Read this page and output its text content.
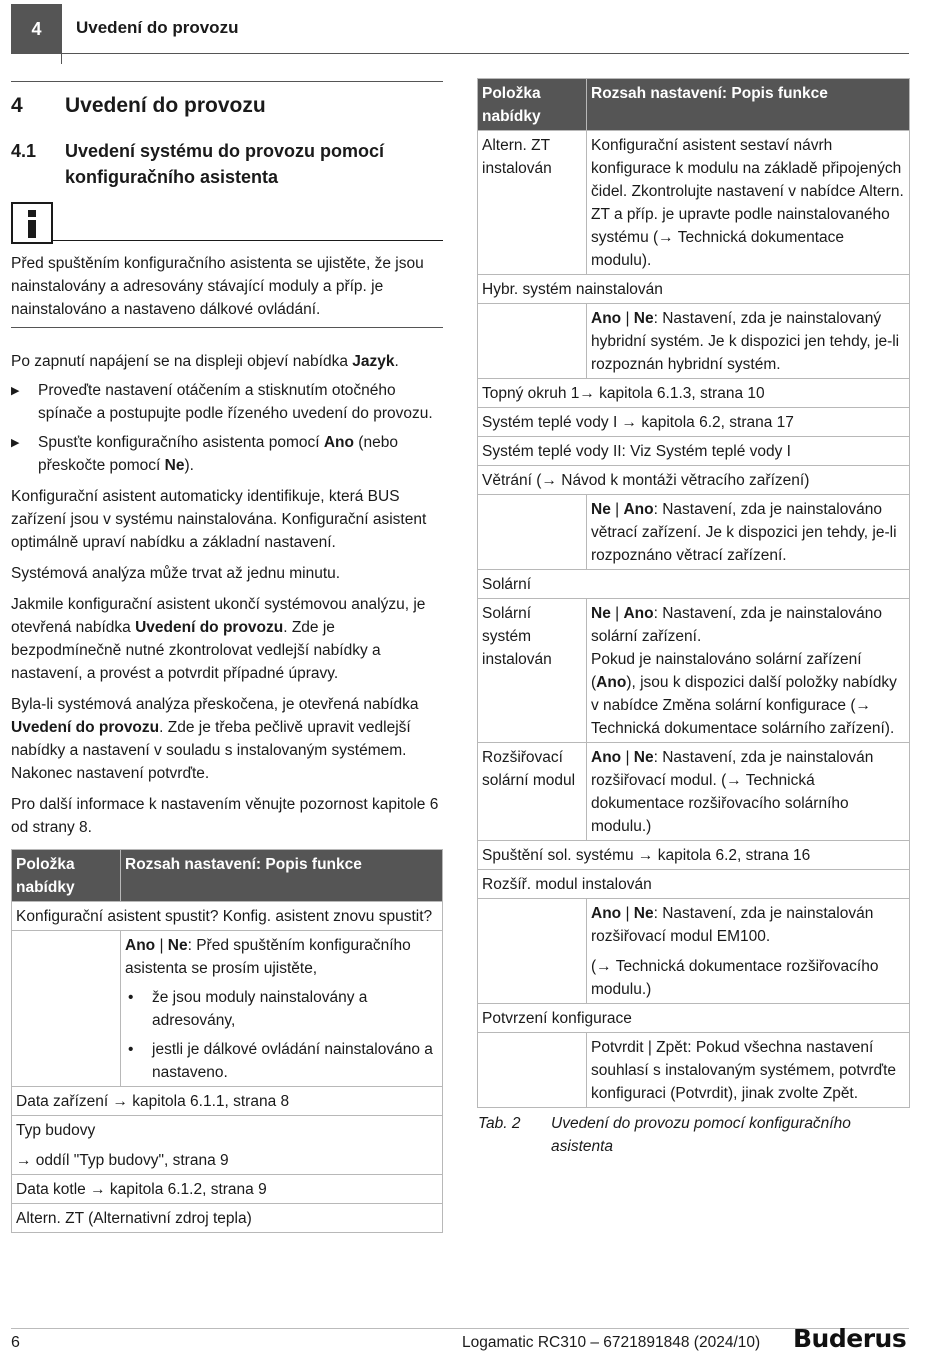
4 Uvedení do provozu
4	Uvedení do provozu
4.1	Uvedení systému do provozu pomocí konfiguračního asistenta
Před spuštěním konfiguračního asistenta se ujistěte, že jsou nainstalovány a adresovány stávající moduly a příp. je nainstalováno a nastaveno dálkové ovládání.
Po zapnutí napájení se na displeji objeví nabídka Jazyk.
▶	Proveďte nastavení otáčením a stisknutím otočného spínače a postupujte podle řízeného uvedení do provozu.
▶	Spusťte konfiguračního asistenta pomocí Ano (nebo přeskočte pomocí Ne).
Konfigurační asistent automaticky identifikuje, která BUS zařízení jsou v systému nainstalována. Konfigurační asistent optimálně upraví nabídku a základní nastavení.
Systémová analýza může trvat až jednu minutu.
Jakmile konfigurační asistent ukončí systémovou analýzu, je otevřená nabídka Uvedení do provozu. Zde je bezpodmínečně nutné zkontrolovat vedlejší nabídky a nastavení, a provést a potvrdit případné úpravy.
Byla-li systémová analýza přeskočena, je otevřená nabídka Uvedení do provozu. Zde je třeba pečlivě upravit vedlejší nabídky a nastavení v souladu s instalovaným systémem. Nakonec nastavení potvrďte.
Pro další informace k nastavením věnujte pozornost kapitole 6 od strany 8.
Položka nabídky	Rozsah nastavení: Popis funkce
Konfigurační asistent spustit? Konfig. asistent znovu spustit?	

	Ano | Ne: Před spuštěním konfiguračního asistenta se prosím ujistěte,
• že jsou moduly nainstalovány a adresovány,
• jestli je dálkové ovládání nainstalováno a nastaveno.

Data zařízení → kapitola 6.1.1, strana 8	

Typ budovy
→ oddíl "Typ budovy", strana 9	

Data kotle → kapitola 6.1.2, strana 9	
Altern. ZT (Alternativní zdroj tepla)	
Položka nabídky	Rozsah nastavení: Popis funkce
Altern. ZT instalován	Konfigurační asistent sestaví návrh konfigurace k modulu na základě připojených čidel. Zkontrolujte nastavení v nabídce Altern. ZT a příp. je upravte podle nainstalovaného systému (→ Technická dokumentace modulu).
Hybr. systém nainstalován	
	Ano | Ne: Nastavení, zda je nainstalovaný hybridní systém. Je k dispozici jen tehdy, je-li rozpoznán hybridní systém.
Topný okruh 1→ kapitola 6.1.3, strana 10	
Systém teplé vody I → kapitola 6.2, strana 17	
Systém teplé vody II: Viz Systém teplé vody I	
Větrání (→ Návod k montáži větracího zařízení)	
	Ne | Ano: Nastavení, zda je nainstalováno větrací zařízení. Je k dispozici jen tehdy, je-li rozpoznáno větrací zařízení.
Solární	
Solární systém instalován	Ne | Ano: Nastavení, zda je nainstalováno solární zařízení.
Pokud je nainstalováno solární zařízení (Ano), jsou k dispozici další položky nabídky v nabídce Změna solární konfigurace (→ Technická dokumentace solárního zařízení).

Rozšiřovací solární modul	Ano | Ne: Nastavení, zda je nainstalován rozšiřovací modul. (→ Technická dokumentace rozšiřovacího solárního modulu.)
Spuštění sol. systému → kapitola 6.2, strana 16	
Rozšíř. modul instalován	

	Ano | Ne: Nastavení, zda je nainstalován rozšiřovací modul EM100.
(→ Technická dokumentace rozšiřovacího modulu.)

Potvrzení konfigurace	
	Potvrdit | Zpět: Pokud všechna nastavení souhlasí s instalovaným systémem, potvrďte konfiguraci (Potvrdit), jinak zvolte Zpět.
Tab. 2	Uvedení do provozu pomocí konfiguračního asistenta
6	Logamatic RC310 – 6721891848 (2024/10) Buderus
